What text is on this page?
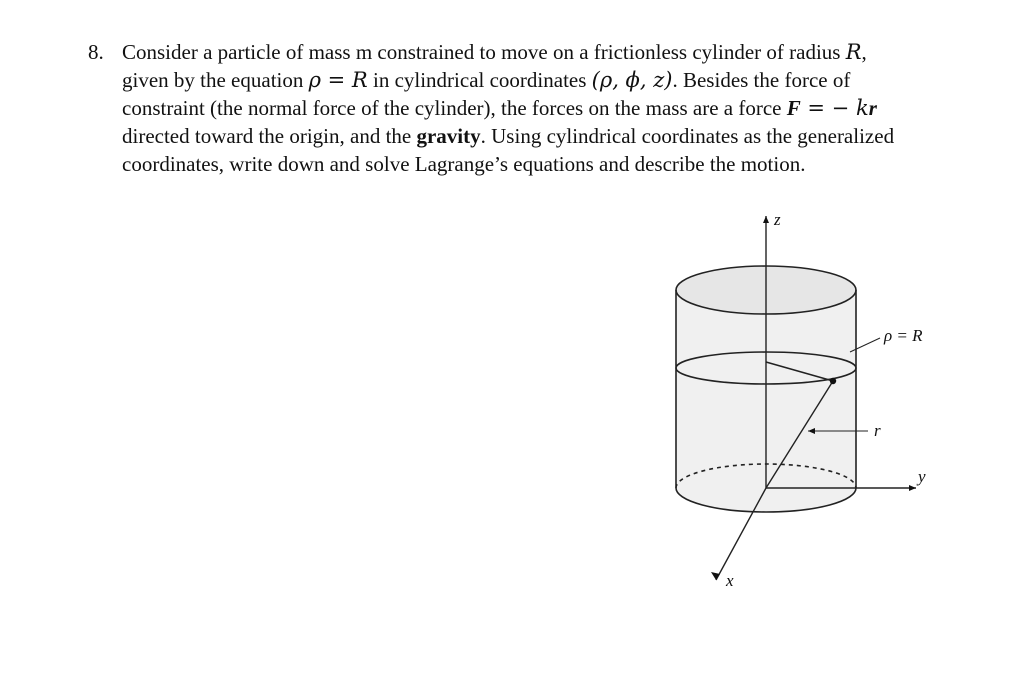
8. Consider a particle of mass m constrained to move on a frictionless cylinder of radius R,
given by the equation ρ = R in cylindrical coordinates (ρ, ϕ, z). Besides the force of
constraint (the normal force of the cylinder), the forces on the mass are a force F = − kr
directed toward the origin, and the gravity. Using cylindrical coordinates as the generalized
coordinates, write down and solve Lagrange’s equations and describe the motion.
z
y
x
ρ = R
r
